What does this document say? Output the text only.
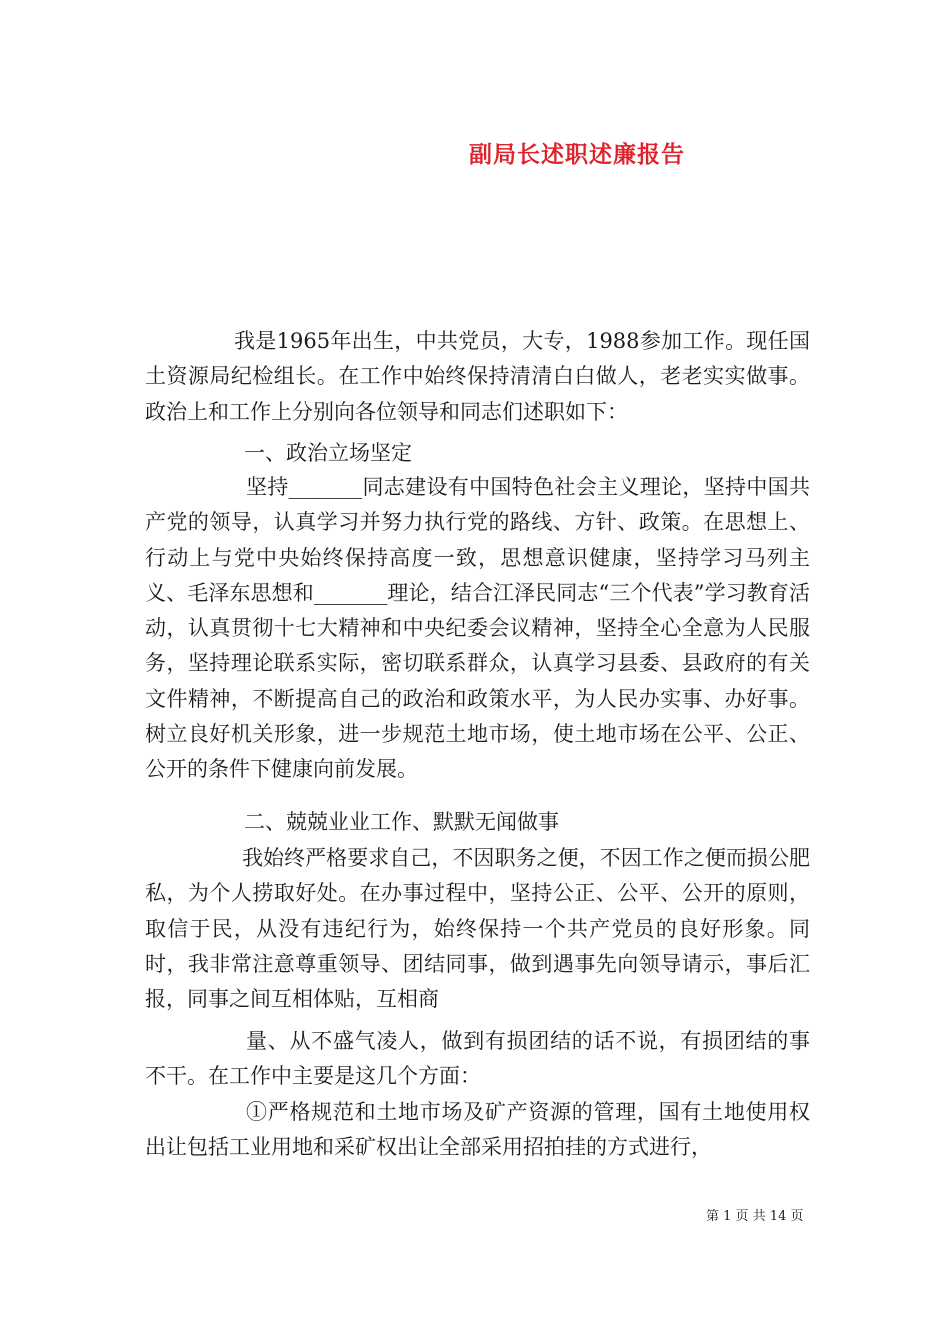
副局长述职述廉报告

我是1965年出生，中共党员，大专，1988参加工作。现任国土资源局纪检组长。在工作中始终保持清清白白做人，老老实实做事。政治上和工作上分别向各位领导和同志们述职如下：

一、政治立场坚定

坚持_______同志建设有中国特色社会主义理论，坚持中国共产党的领导，认真学习并努力执行党的路线、方针、政策。在思想上、行动上与党中央始终保持高度一致，思想意识健康，坚持学习马列主义、毛泽东思想和_______理论，结合江泽民同志“三个代表”学习教育活动，认真贯彻十七大精神和中央纪委会议精神，坚持全心全意为人民服务，坚持理论联系实际，密切联系群众，认真学习县委、县政府的有关文件精神，不断提高自己的政治和政策水平，为人民办实事、办好事。树立良好机关形象，进一步规范土地市场，使土地市场在公平、公正、公开的条件下健康向前发展。

二、兢兢业业工作、默默无闻做事

我始终严格要求自己，不因职务之便，不因工作之便而损公肥私，为个人捞取好处。在办事过程中，坚持公正、公平、公开的原则，取信于民，从没有违纪行为，始终保持一个共产党员的良好形象。同时，我非常注意尊重领导、团结同事，做到遇事先向领导请示，事后汇报，同事之间互相体贴，互相商

量、从不盛气凌人，做到有损团结的话不说，有损团结的事不干。在工作中主要是这几个方面：

①严格规范和土地市场及矿产资源的管理，国有土地使用权出让包括工业用地和采矿权出让全部采用招拍挂的方式进行，

第 1 页 共 14 页
